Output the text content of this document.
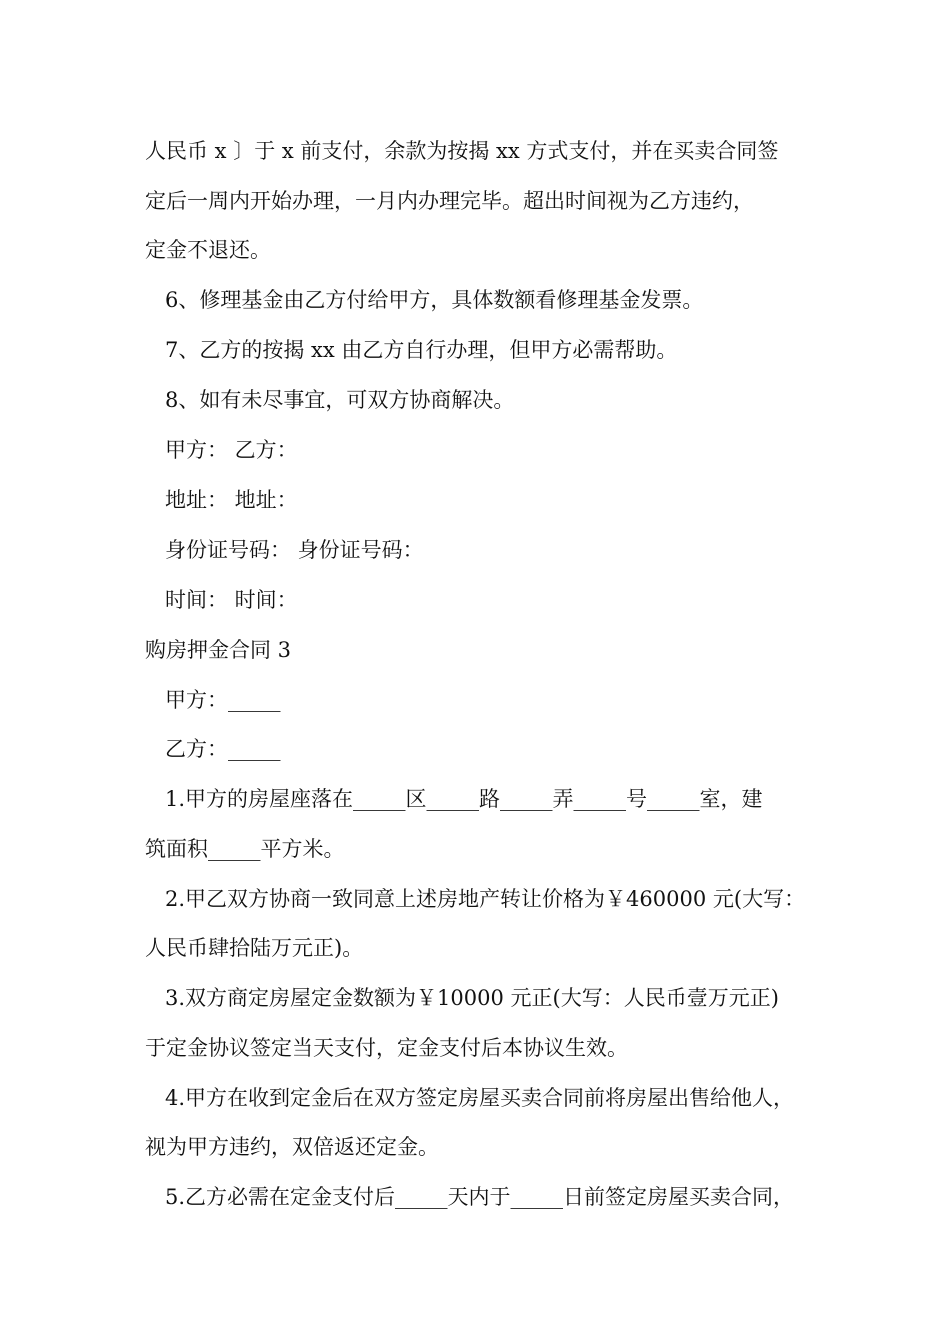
人民币 x 〕于 x 前支付，余款为按揭 xx 方式支付，并在买卖合同签
定后一周内开始办理，一月内办理完毕。超出时间视为乙方违约，
定金不退还。
6、修理基金由乙方付给甲方，具体数额看修理基金发票。
7、乙方的按揭 xx 由乙方自行办理，但甲方必需帮助。
8、如有未尽事宜，可双方协商解决。
甲方： 乙方：
地址： 地址：
身份证号码： 身份证号码：
时间： 时间：
购房押金合同 3
甲方：_____
乙方：_____
1.甲方的房屋座落在_____区_____路_____弄_____号_____室，建
筑面积_____平方米。
2.甲乙双方协商一致同意上述房地产转让价格为￥460000 元(大写：
人民币肆拾陆万元正)。
3.双方商定房屋定金数额为￥10000 元正(大写：人民币壹万元正)
于定金协议签定当天支付，定金支付后本协议生效。
4.甲方在收到定金后在双方签定房屋买卖合同前将房屋出售给他人，
视为甲方违约，双倍返还定金。
5.乙方必需在定金支付后_____天内于_____日前签定房屋买卖合同，
